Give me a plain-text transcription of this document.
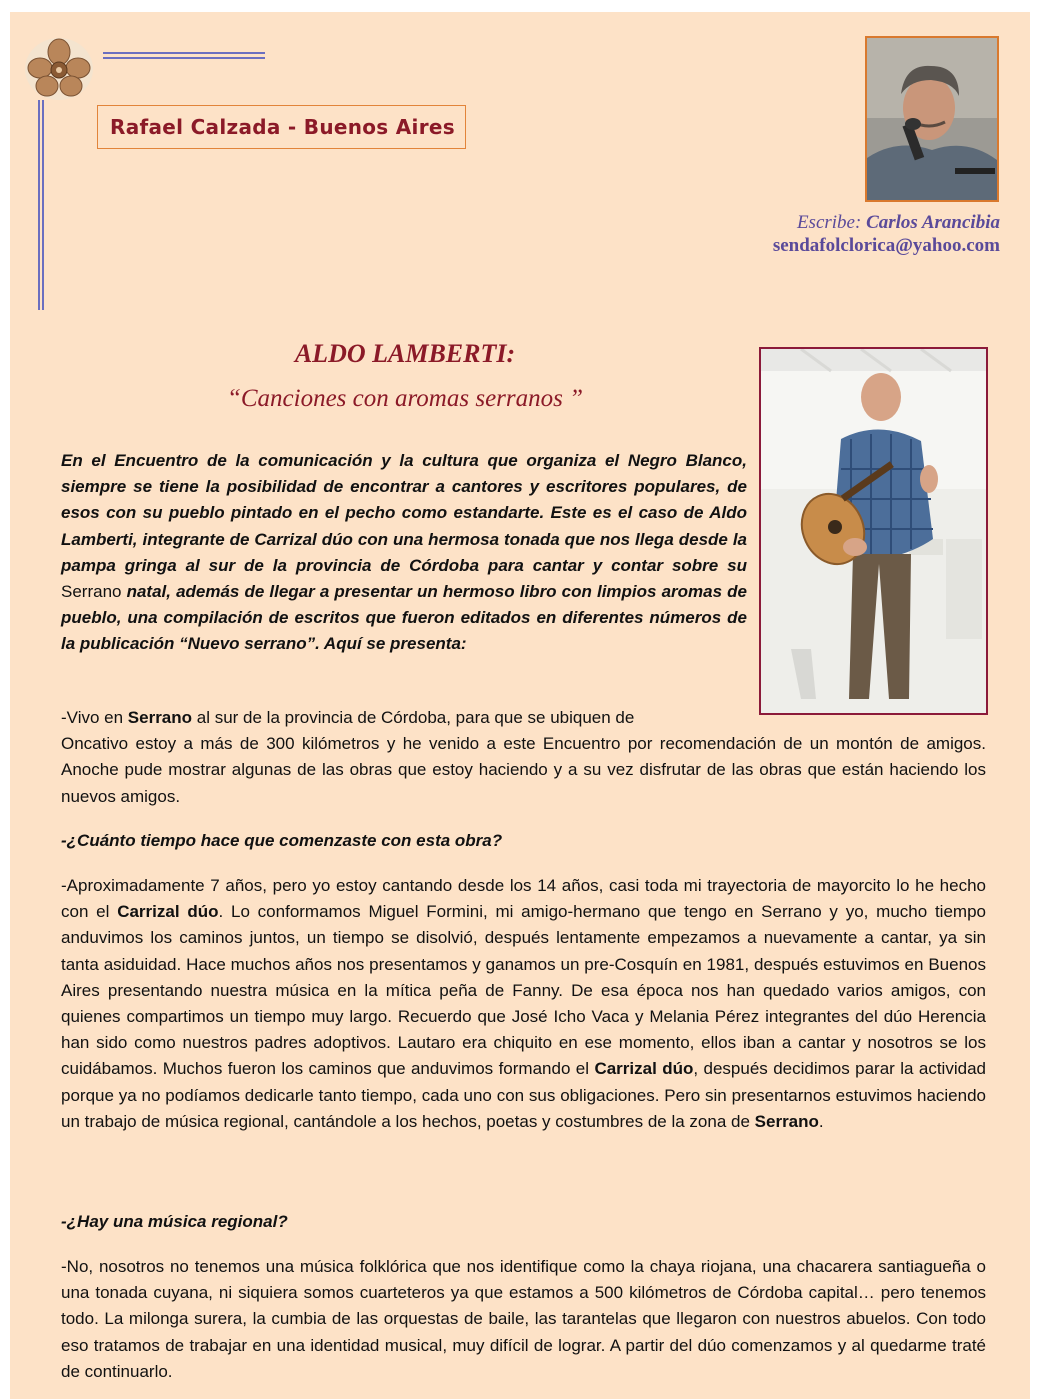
Rafael Calzada - Buenos Aires
Escribe: Carlos Arancibia
sendafolclorica@yahoo.com
ALDO LAMBERTI:
“Canciones con aromas serranos ”
En el Encuentro de la comunicación y la cultura que organiza el Negro Blanco, siempre se tiene la posibilidad de encontrar a cantores y escritores populares, de esos con su pueblo pintado en el pecho como estandarte. Este es el caso de Aldo Lamberti, integrante de Carrizal dúo con una hermosa tonada que nos llega desde la pampa gringa al sur de la provincia de Córdoba para cantar y contar sobre su Serrano natal, además de llegar a presentar un hermoso libro con limpios aromas de pueblo, una compilación de escritos que fueron editados en diferentes números de la publicación “Nuevo serrano”. Aquí se presenta:
-Vivo en Serrano al sur de la provincia de Córdoba, para que se ubiquen de
Oncativo estoy a más de 300 kilómetros y he venido a este Encuentro por recomendación de un montón de amigos. Anoche pude mostrar algunas de las obras que estoy haciendo y a su vez disfrutar de las obras que están haciendo los nuevos amigos.
-¿Cuánto tiempo hace que comenzaste con esta obra?
-Aproximadamente 7 años, pero yo estoy cantando desde los 14 años, casi toda mi trayectoria de mayorcito lo he hecho con el Carrizal dúo. Lo conformamos Miguel Formini, mi amigo-hermano que tengo en Serrano y yo, mucho tiempo anduvimos los caminos juntos, un tiempo se disolvió, después lentamente empezamos a nuevamente a cantar, ya sin tanta asiduidad. Hace muchos años nos presentamos y ganamos un pre-Cosquín en 1981, después estuvimos en Buenos Aires presentando nuestra música en la mítica peña de Fanny. De esa época nos han quedado varios amigos, con quienes compartimos un tiempo muy largo. Recuerdo que José Icho Vaca y Melania Pérez integrantes del dúo Herencia han sido como nuestros padres adoptivos. Lautaro era chiquito en ese momento, ellos iban a cantar y nosotros se los cuidábamos. Muchos fueron los caminos que anduvimos formando el Carrizal dúo, después decidimos parar la actividad porque ya no podíamos dedicarle tanto tiempo, cada uno con sus obligaciones. Pero sin presentarnos estuvimos haciendo un trabajo de música regional, cantándole a los hechos, poetas y costumbres de la zona de Serrano.
-¿Hay una música regional?
-No, nosotros no tenemos una música folklórica que nos identifique como la chaya riojana, una chacarera santiagueña o una tonada cuyana, ni siquiera somos cuarteteros ya que estamos a 500 kilómetros de Córdoba capital… pero tenemos todo. La milonga surera, la cumbia de las orquestas de baile, las tarantelas que llegaron con nuestros abuelos. Con todo eso tratamos de trabajar en una identidad musical, muy difícil de lograr. A partir del dúo comenzamos y al quedarme traté de continuarlo.
